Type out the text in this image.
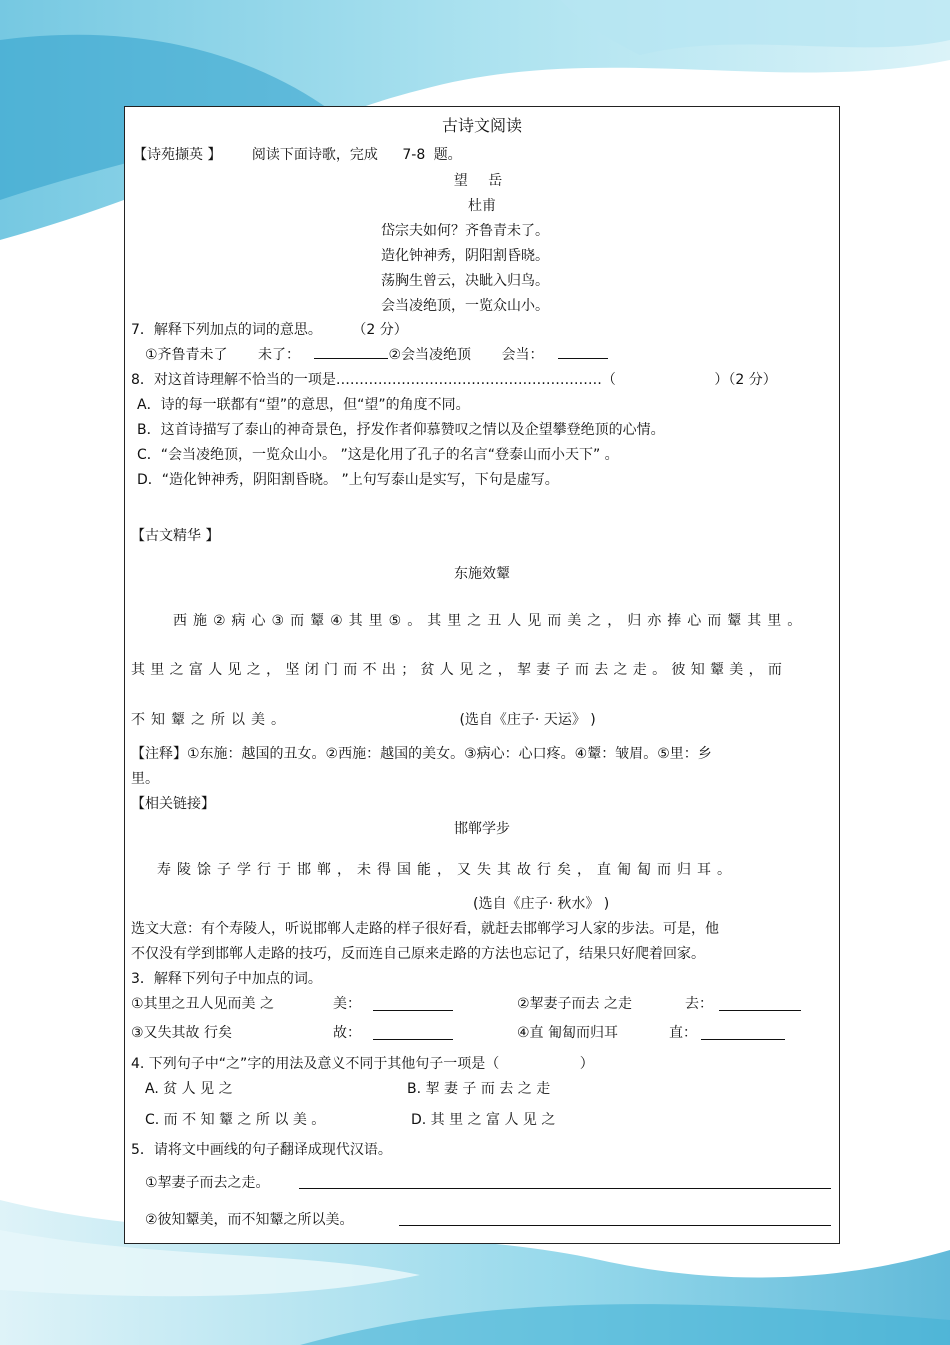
古诗文阅读
【诗苑撷英 】 阅读下面诗歌，完成 7-8 题。
望 岳
杜甫
岱宗夫如何？齐鲁青未了。
造化钟神秀，阴阳割昏晓。
荡胸生曾云，决眦入归鸟。
会当凌绝顶，一览众山小。
7．解释下列加点的词的意思。 （2 分）
①齐鲁青未了 未了：	②会当凌绝顶 会当：
8．对这首诗理解不恰当的一项是…………………………………………………（	）（2 分）
A．诗的每一联都有“望”的意思，但“望”的角度不同。
B．这首诗描写了泰山的神奇景色，抒发作者仰慕赞叹之情以及企望攀登绝顶的心情。
C．“会当凌绝顶，一览众山小。 ”这是化用了孔子的名言“登泰山而小天下” 。
D．“造化钟神秀，阴阳割昏晓。 ”上句写泰山是实写，下句是虚写。
【古文精华 】
东施效颦
西施②病心③而颦④其里⑤。其里之丑人见而美之，归亦捧心而颦其里。
其里之富人见之，坚闭门而不出；贫人见之，挈妻子而去之走。彼知颦美，而
不知颦之所以美。	(选自《庄子· 天运》 )
【注释】①东施：越国的丑女。②西施：越国的美女。③病心：心口疼。④颦：皱眉。⑤里：乡
里。
【相关链接】
邯郸学步
寿陵馀子学行于邯郸，未得国能，又失其故行矣，直匍匐而归耳。
(选自《庄子· 秋水》 )
选文大意：有个寿陵人，听说邯郸人走路的样子很好看，就赶去邯郸学习人家的步法。可是，他
不仅没有学到邯郸人走路的技巧，反而连自己原来走路的方法也忘记了，结果只好爬着回家。
3．解释下列句子中加点的词。
①其里之丑人见而美 之	美：	②挈妻子而去 之走	去：
③又失其故 行矣	故：	④直 匍匐而归耳	直：
4. 下列句子中“之”字的用法及意义不同于其他句子一项是（	）
A. 贫 人 见 之	B. 挈 妻 子 而 去 之 走
C. 而 不 知 颦 之 所 以 美 。	D. 其 里 之 富 人 见 之
5．请将文中画线的句子翻译成现代汉语。
①挈妻子而去之走。
②彼知颦美，而不知颦之所以美。
